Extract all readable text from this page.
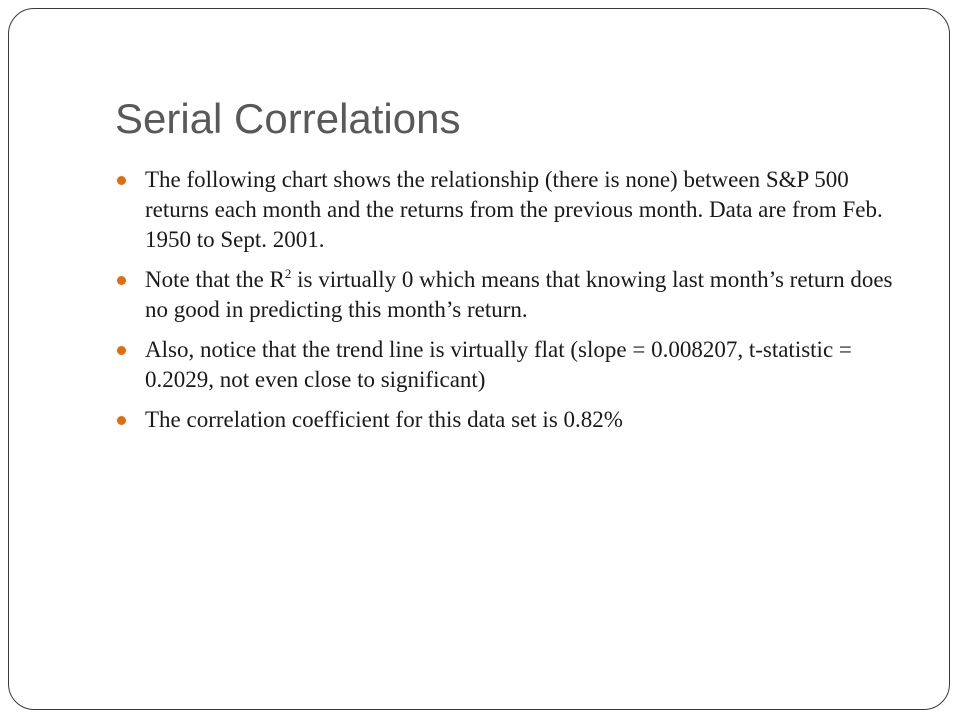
Serial Correlations
The following chart shows the relationship (there is none) between S&P 500 returns each month and the returns from the previous month. Data are from Feb. 1950 to Sept. 2001.
Note that the $R^2$ is virtually 0 which means that knowing last month’s return does no good in predicting this month’s return.
Also, notice that the trend line is virtually flat (slope = 0.008207, t-statistic = 0.2029, not even close to significant)
The correlation coefficient for this data set is 0.82%
